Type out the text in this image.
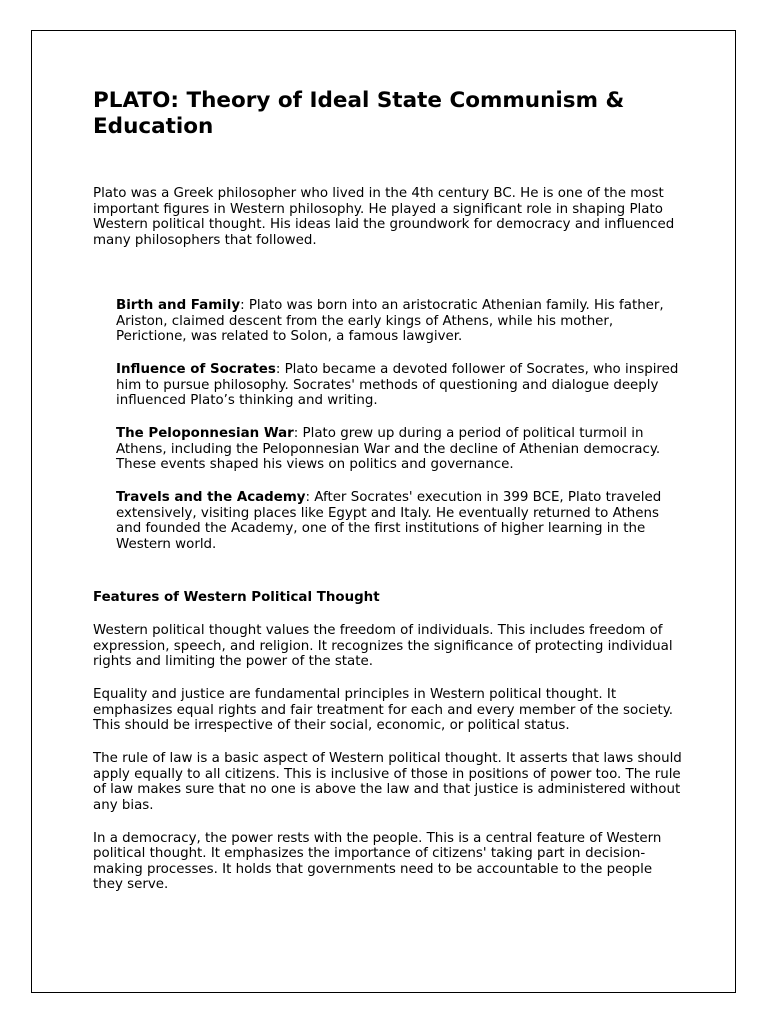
PLATO: Theory of Ideal State Communism & Education

Plato was a Greek philosopher who lived in the 4th century BC. He is one of the most important figures in Western philosophy. He played a significant role in shaping Plato Western political thought. His ideas laid the groundwork for democracy and influenced many philosophers that followed.

Birth and Family: Plato was born into an aristocratic Athenian family. His father, Ariston, claimed descent from the early kings of Athens, while his mother, Perictione, was related to Solon, a famous lawgiver.
Influence of Socrates: Plato became a devoted follower of Socrates, who inspired him to pursue philosophy. Socrates' methods of questioning and dialogue deeply influenced Plato’s thinking and writing.
The Peloponnesian War: Plato grew up during a period of political turmoil in Athens, including the Peloponnesian War and the decline of Athenian democracy. These events shaped his views on politics and governance.
Travels and the Academy: After Socrates' execution in 399 BCE, Plato traveled extensively, visiting places like Egypt and Italy. He eventually returned to Athens and founded the Academy, one of the first institutions of higher learning in the Western world.
Features of Western Political Thought

Western political thought values the freedom of individuals. This includes freedom of expression, speech, and religion. It recognizes the significance of protecting individual rights and limiting the power of the state.

Equality and justice are fundamental principles in Western political thought. It emphasizes equal rights and fair treatment for each and every member of the society. This should be irrespective of their social, economic, or political status.

The rule of law is a basic aspect of Western political thought. It asserts that laws should apply equally to all citizens. This is inclusive of those in positions of power too. The rule of law makes sure that no one is above the law and that justice is administered without any bias.

In a democracy, the power rests with the people. This is a central feature of Western political thought. It emphasizes the importance of citizens' taking part in decision-making processes. It holds that governments need to be accountable to the people they serve.
